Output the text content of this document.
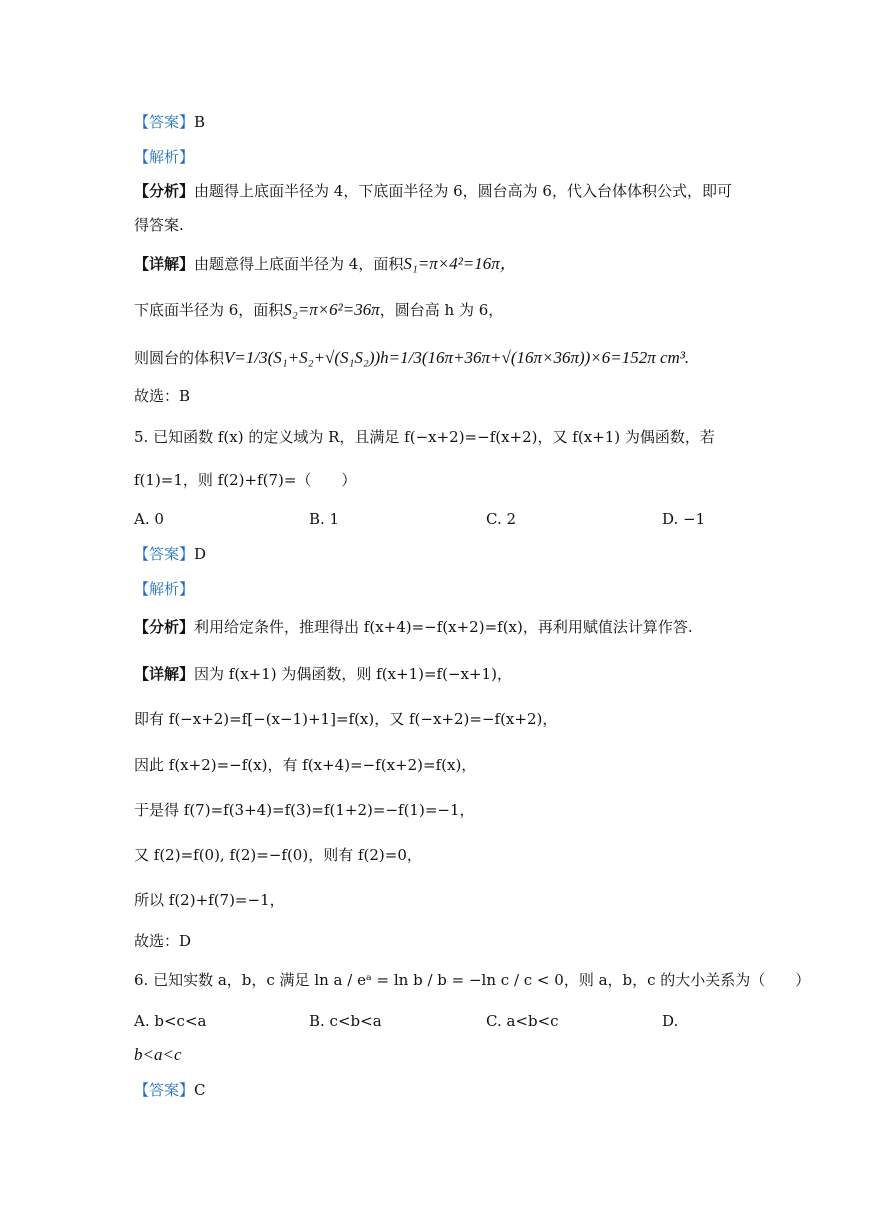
【答案】B
【解析】
【分析】由题得上底面半径为 4，下底面半径为 6，圆台高为 6，代入台体体积公式，即可
得答案.
【详解】由题意得上底面半径为 4，面积S₁=π×4²=16π，
下底面半径为 6，面积S₂=π×6²=36π，圆台高 h 为 6，
则圆台的体积V=1/3(S₁+S₂+√(S₁S₂))h=1/3(16π+36π+√(16π×36π))×6=152π cm³.
故选：B
5. 已知函数 f(x) 的定义域为 R，且满足 f(−x+2)=−f(x+2)，又 f(x+1) 为偶函数，若
f(1)=1，则 f(2)+f(7)=（　　）
A. 0	B. 1	C. 2	D. −1
【答案】D
【解析】
【分析】利用给定条件，推理得出 f(x+4)=−f(x+2)=f(x)，再利用赋值法计算作答.
【详解】因为 f(x+1) 为偶函数，则 f(x+1)=f(−x+1)，
即有 f(−x+2)=f[−(x−1)+1]=f(x)，又 f(−x+2)=−f(x+2)，
因此 f(x+2)=−f(x)，有 f(x+4)=−f(x+2)=f(x)，
于是得 f(7)=f(3+4)=f(3)=f(1+2)=−f(1)=−1，
又 f(2)=f(0), f(2)=−f(0)，则有 f(2)=0，
所以 f(2)+f(7)=−1，
故选：D
6. 已知实数 a，b，c 满足 ln a / eᵃ = ln b / b = −ln c / c < 0，则 a，b，c 的大小关系为（　　）
A. b<c<a	B. c<b<a	C. a<b<c	D.
b<a<c
【答案】C
